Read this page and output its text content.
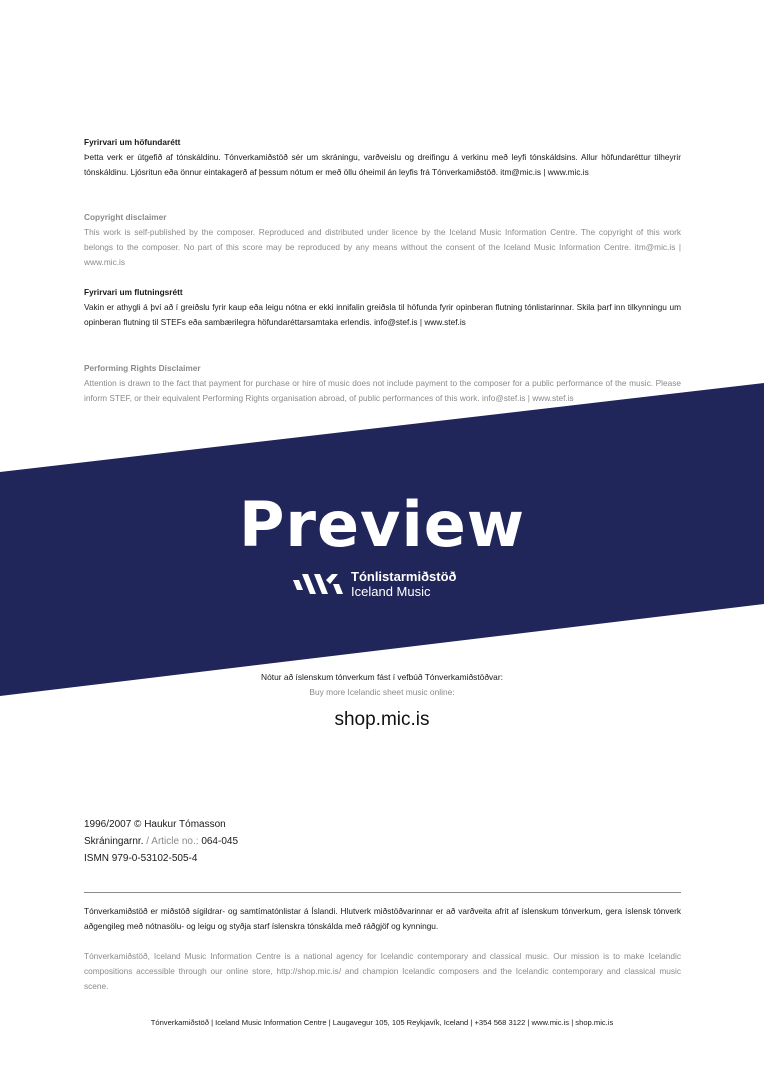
Fyrirvari um höfundarétt
Þetta verk er útgefið af tónskáldinu. Tónverkamiðstöð sér um skráningu, varðveislu og dreifingu á verkinu með leyfi tónskáldsins. Allur höfundaréttur tilheyrir tónskáldinu. Ljósritun eða önnur eintakagerð af þessum nótum er með öllu óheimil án leyfis frá Tónverkamiðstöð. itm@mic.is | www.mic.is
Copyright disclaimer
This work is self-published by the composer. Reproduced and distributed under licence by the Iceland Music Information Centre. The copyright of this work belongs to the composer. No part of this score may be reproduced by any means without the consent of the Iceland Music Information Centre. itm@mic.is | www.mic.is
Fyrirvari um flutningsrétt
Vakin er athygli á því að í greiðslu fyrir kaup eða leigu nótna er ekki innifalin greiðsla til höfunda fyrir opinberan flutning tónlistarinnar. Skila þarf inn tilkynningu um opinberan flutning til STEFs eða sambærilegra höfundaréttarsamtaka erlendis. info@stef.is | www.stef.is
Performing Rights Disclaimer
Attention is drawn to the fact that payment for purchase or hire of music does not include payment to the composer for a public performance of the music. Please inform STEF, or their equivalent Performing Rights organisation abroad, of public performances of this work. info@stef.is | www.stef.is
Preview
Tónlistarmiðstöð
Iceland Music
Nótur að íslenskum tónverkum fást í vefbúð Tónverkamiðstöðvar:
Buy more Icelandic sheet music online:
shop.mic.is
1996/2007 © Haukur Tómasson
Skráningarnr. / Article no.: 064-045
ISMN 979-0-53102-505-4
Tónverkamiðstöð er miðstöð sígildrar- og samtímatónlistar á Íslandi. Hlutverk miðstöðvarinnar er að varðveita afrit af íslenskum tónverkum, gera íslensk tónverk aðgengileg með nótnasölu- og leigu og styðja starf íslenskra tónskálda með ráðgjöf og kynningu.
Tónverkamiðstöð, Iceland Music Information Centre is a national agency for Icelandic contemporary and classical music. Our mission is to make Icelandic compositions accessible through our online store, http://shop.mic.is/ and champion Icelandic composers and the Icelandic contemporary and classical music scene.
Tónverkamiðstöð | Iceland Music Information Centre | Laugavegur 105, 105 Reykjavík, Iceland | +354 568 3122 | www.mic.is | shop.mic.is
